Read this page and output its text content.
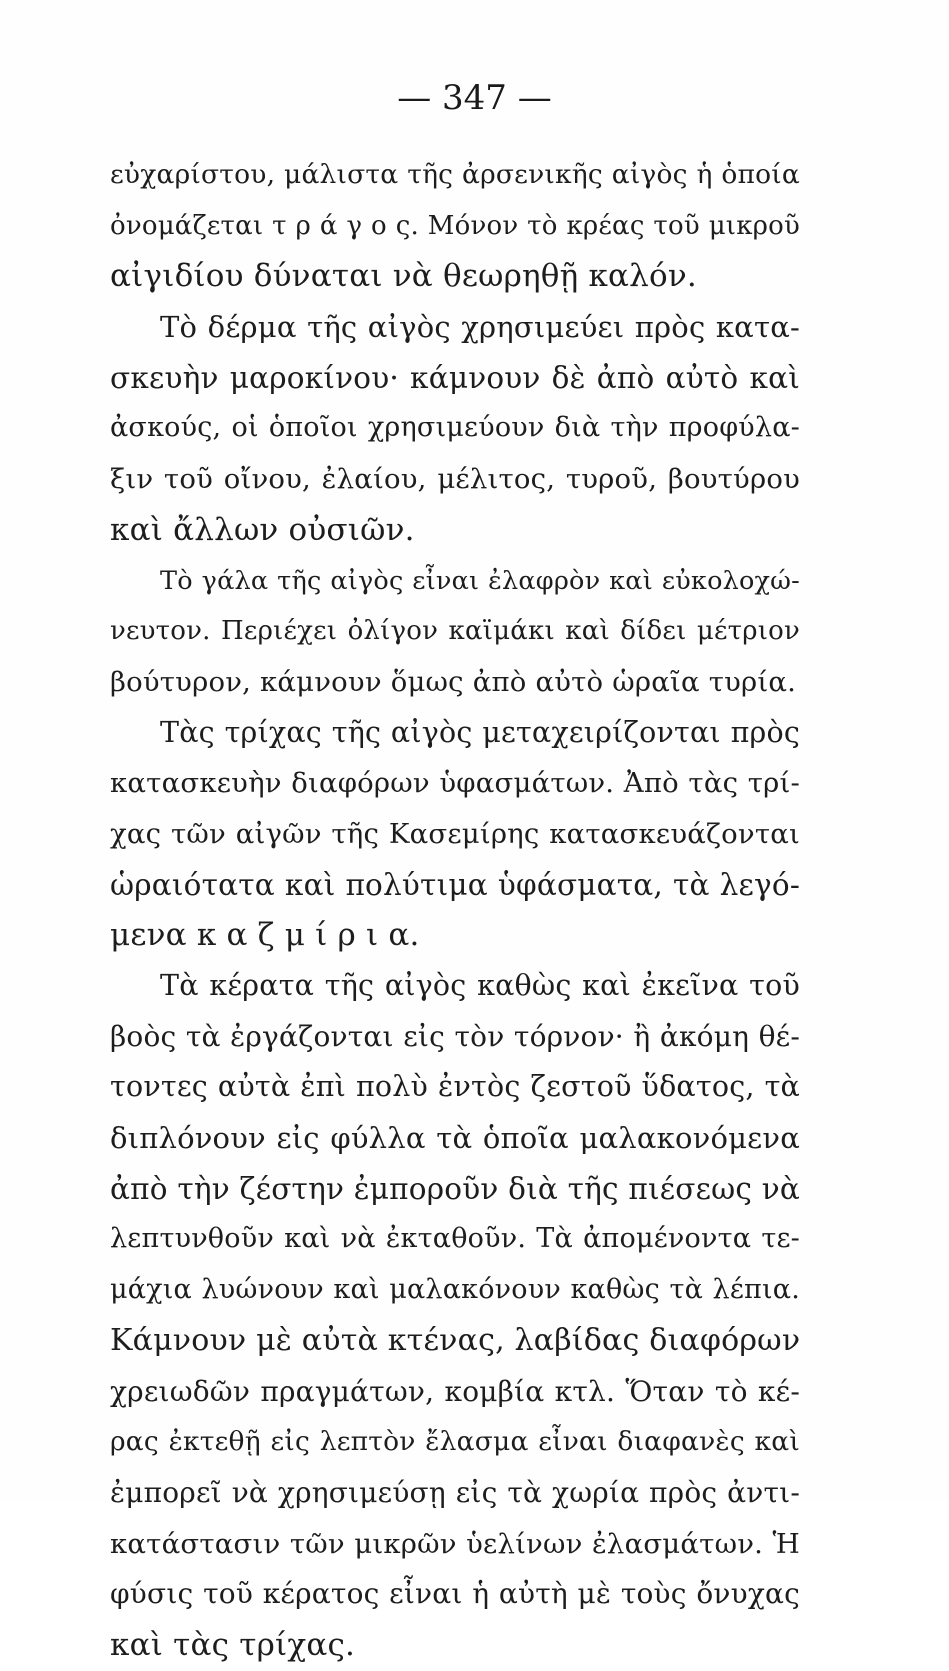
— 347 —
εὐχαρίστου, μάλιστα τῆς ἀρσενικῆς αἰγὸς ἡ ὁποία
ὀνομάζεται τ ρ ά γ ο ς. Μόνον τὸ κρέας τοῦ μικροῦ
αἰγιδίου δύναται νὰ θεωρηθῇ καλόν.
Τὸ δέρμα τῆς αἰγὸς χρησιμεύει πρὸς κατα-
σκευὴν μαροκίνου· κάμνουν δὲ ἀπὸ αὐτὸ καὶ
ἀσκούς, οἱ ὁποῖοι χρησιμεύουν διὰ τὴν προφύλα-
ξιν τοῦ οἴνου, ἐλαίου, μέλιτος, τυροῦ, βουτύρου
καὶ ἄλλων οὐσιῶν.
Τὸ γάλα τῆς αἰγὸς εἶναι ἐλαφρὸν καὶ εὐκολοχώ-
νευτον. Περιέχει ὀλίγον καϊμάκι καὶ δίδει μέτριον
βούτυρον, κάμνουν ὅμως ἀπὸ αὐτὸ ὡραῖα τυρία.
Τὰς τρίχας τῆς αἰγὸς μεταχειρίζονται πρὸς
κατασκευὴν διαφόρων ὑφασμάτων. Ἀπὸ τὰς τρί-
χας τῶν αἰγῶν τῆς Κασεμίρης κατασκευάζονται
ὡραιότατα καὶ πολύτιμα ὑφάσματα, τὰ λεγό-
μενα κ α ζ μ ί ρ ι α.
Τὰ κέρατα τῆς αἰγὸς καθὼς καὶ ἐκεῖνα τοῦ
βοὸς τὰ ἐργάζονται εἰς τὸν τόρνον· ἢ ἀκόμη θέ-
τοντες αὐτὰ ἐπὶ πολὺ ἐντὸς ζεστοῦ ὕδατος, τὰ
διπλόνουν εἰς φύλλα τὰ ὁποῖα μαλακονόμενα
ἀπὸ τὴν ζέστην ἐμποροῦν διὰ τῆς πιέσεως νὰ
λεπτυνθοῦν καὶ νὰ ἐκταθοῦν. Τὰ ἀπομένοντα τε-
μάχια λυώνουν καὶ μαλακόνουν καθὼς τὰ λέπια.
Κάμνουν μὲ αὐτὰ κτένας, λαβίδας διαφόρων
χρειωδῶν πραγμάτων, κομβία κτλ. Ὅταν τὸ κέ-
ρας ἐκτεθῇ εἰς λεπτὸν ἔλασμα εἶναι διαφανὲς καὶ
ἐμπορεῖ νὰ χρησιμεύσῃ εἰς τὰ χωρία πρὸς ἀντι-
κατάστασιν τῶν μικρῶν ὑελίνων ἐλασμάτων. Ἡ
φύσις τοῦ κέρατος εἶναι ἡ αὐτὴ μὲ τοὺς ὄνυχας
καὶ τὰς τρίχας.
